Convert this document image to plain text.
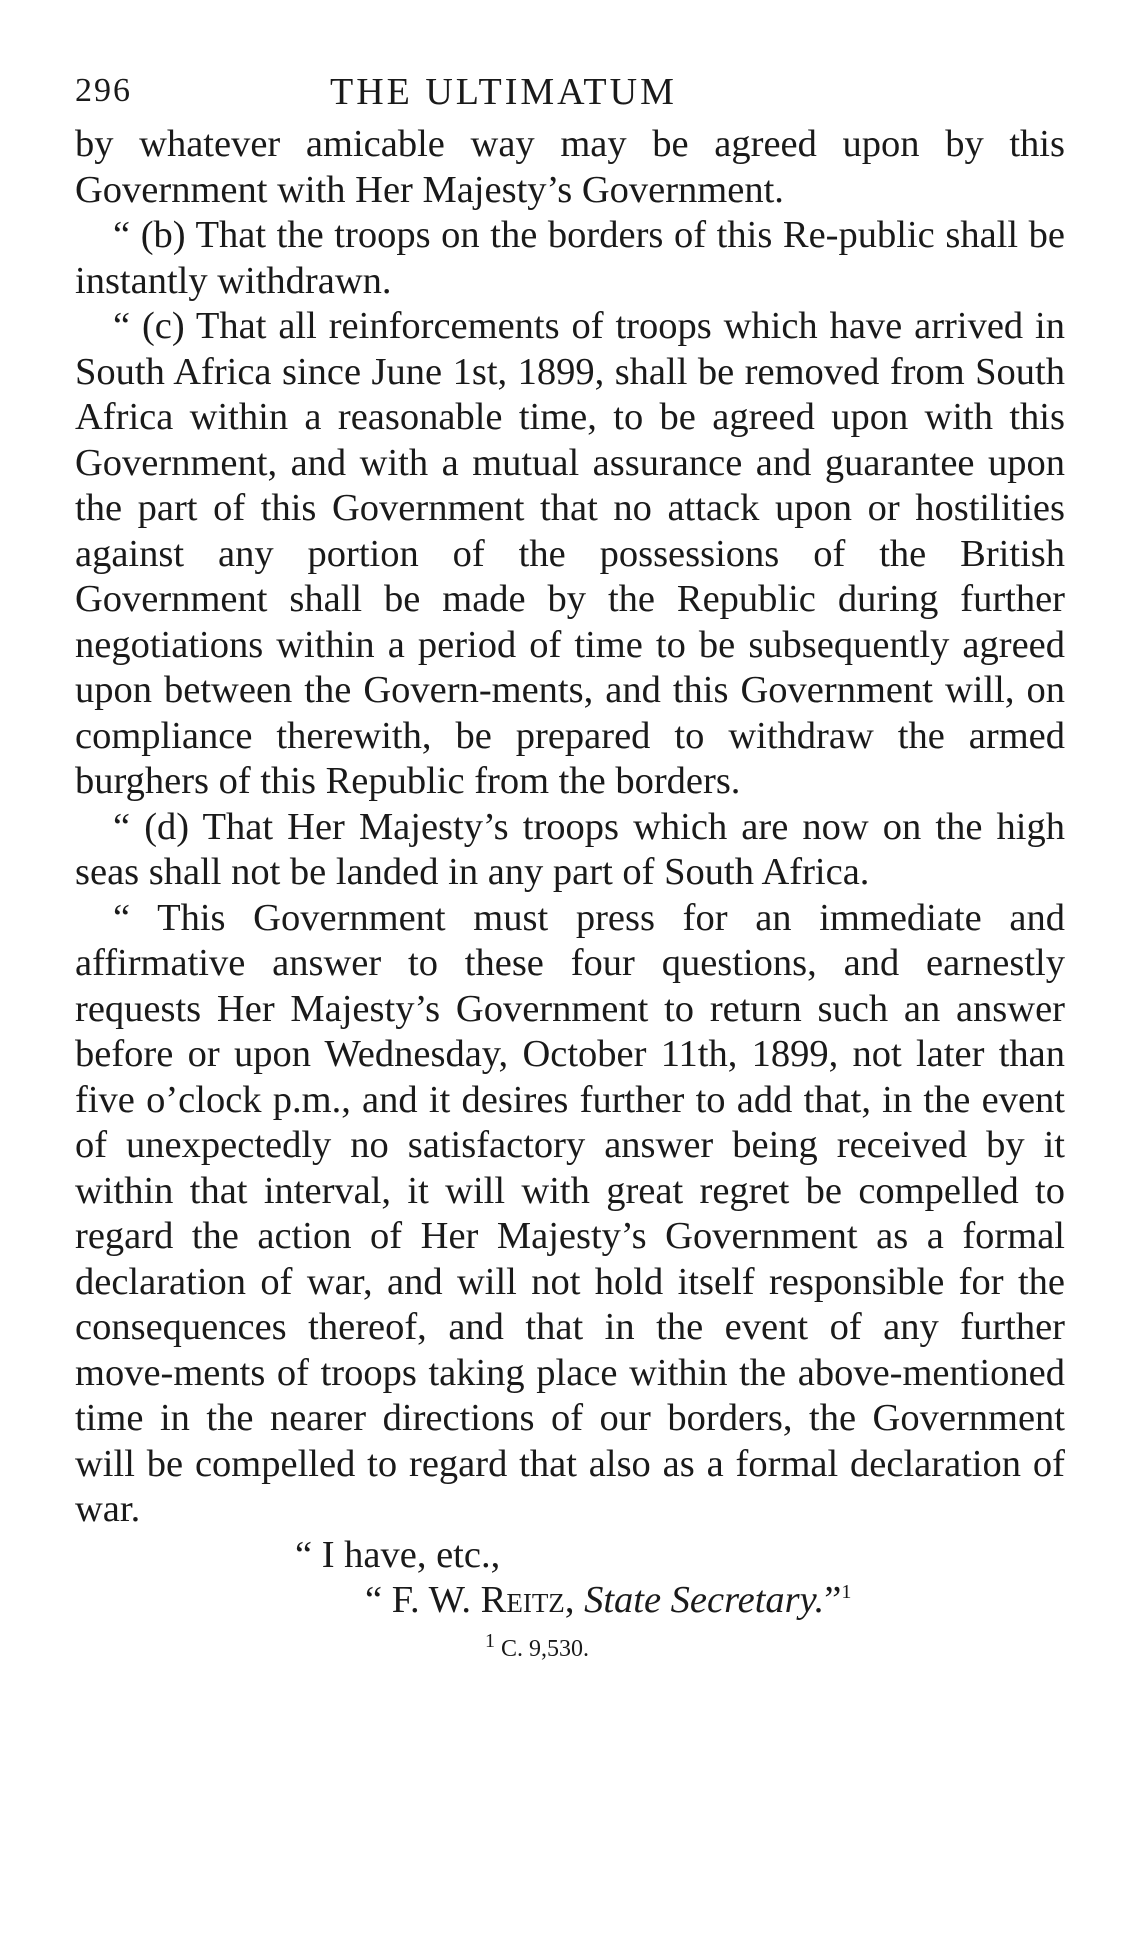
296	THE ULTIMATUM

by whatever amicable way may be agreed upon by this Government with Her Majesty’s Government.

“ (b) That the troops on the borders of this Re-public shall be instantly withdrawn.

“ (c) That all reinforcements of troops which have arrived in South Africa since June 1st, 1899, shall be removed from South Africa within a reasonable time, to be agreed upon with this Government, and with a mutual assurance and guarantee upon the part of this Government that no attack upon or hostilities against any portion of the possessions of the British Government shall be made by the Republic during further negotiations within a period of time to be subsequently agreed upon between the Govern-ments, and this Government will, on compliance therewith, be prepared to withdraw the armed burghers of this Republic from the borders.

“ (d) That Her Majesty’s troops which are now on the high seas shall not be landed in any part of South Africa.

“ This Government must press for an immediate and affirmative answer to these four questions, and earnestly requests Her Majesty’s Government to return such an answer before or upon Wednesday, October 11th, 1899, not later than five o’clock p.m., and it desires further to add that, in the event of unexpectedly no satisfactory answer being received by it within that interval, it will with great regret be compelled to regard the action of Her Majesty’s Government as a formal declaration of war, and will not hold itself responsible for the consequences thereof, and that in the event of any further move-ments of troops taking place within the above-mentioned time in the nearer directions of our borders, the Government will be compelled to regard that also as a formal declaration of war.

“ I have, etc.,
“ F. W. Reitz, State Secretary.”$^1$
$^1$ C. 9,530.
